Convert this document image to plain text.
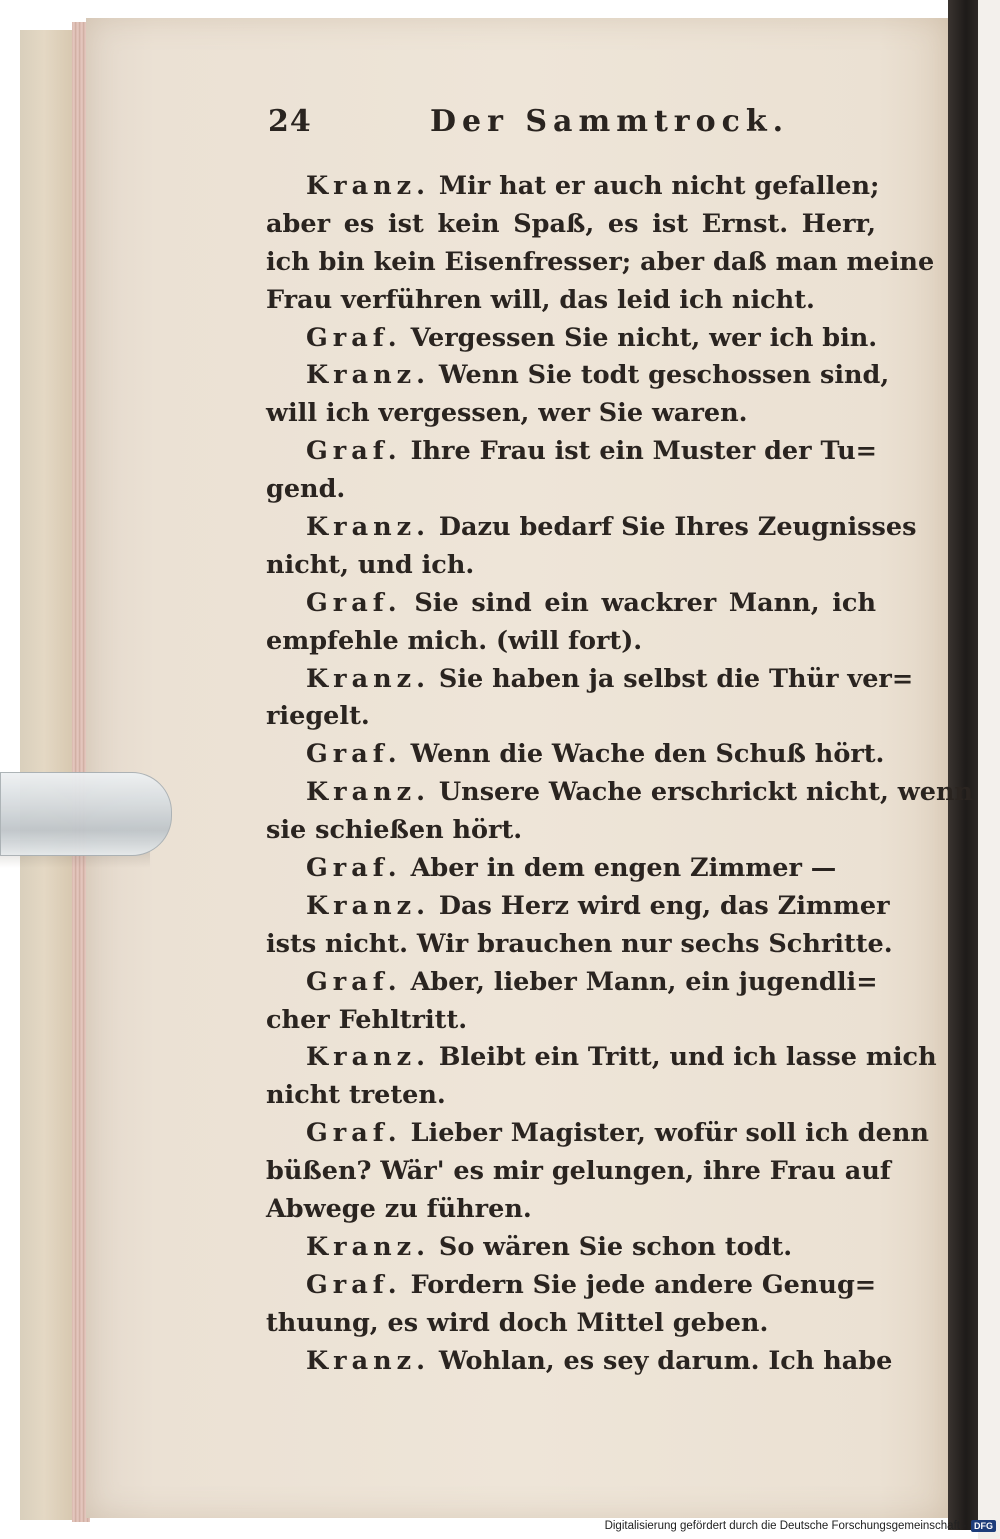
24	Der Sammtrock.
Kranz. Mir hat er auch nicht gefallen;
aber es ist kein Spaß, es ist Ernst. Herr,
ich bin kein Eisenfresser; aber daß man meine
Frau verführen will, das leid ich nicht.
Graf. Vergessen Sie nicht, wer ich bin.
Kranz. Wenn Sie todt geschossen sind,
will ich vergessen, wer Sie waren.
Graf. Ihre Frau ist ein Muster der Tu=
gend.
Kranz. Dazu bedarf Sie Ihres Zeugnisses
nicht, und ich.
Graf. Sie sind ein wackrer Mann, ich
empfehle mich. (will fort).
Kranz. Sie haben ja selbst die Thür ver=
riegelt.
Graf. Wenn die Wache den Schuß hört.
Kranz. Unsere Wache erschrickt nicht, wenn
sie schießen hört.
Graf. Aber in dem engen Zimmer —
Kranz. Das Herz wird eng, das Zimmer
ists nicht. Wir brauchen nur sechs Schritte.
Graf. Aber, lieber Mann, ein jugendli=
cher Fehltritt.
Kranz. Bleibt ein Tritt, und ich lasse mich
nicht treten.
Graf. Lieber Magister, wofür soll ich denn
büßen? Wär' es mir gelungen, ihre Frau auf
Abwege zu führen.
Kranz. So wären Sie schon todt.
Graf. Fordern Sie jede andere Genug=
thuung, es wird doch Mittel geben.
Kranz. Wohlan, es sey darum. Ich habe
Digitalisierung gefördert durch die Deutsche Forschungsgemeinschaft · DFG
